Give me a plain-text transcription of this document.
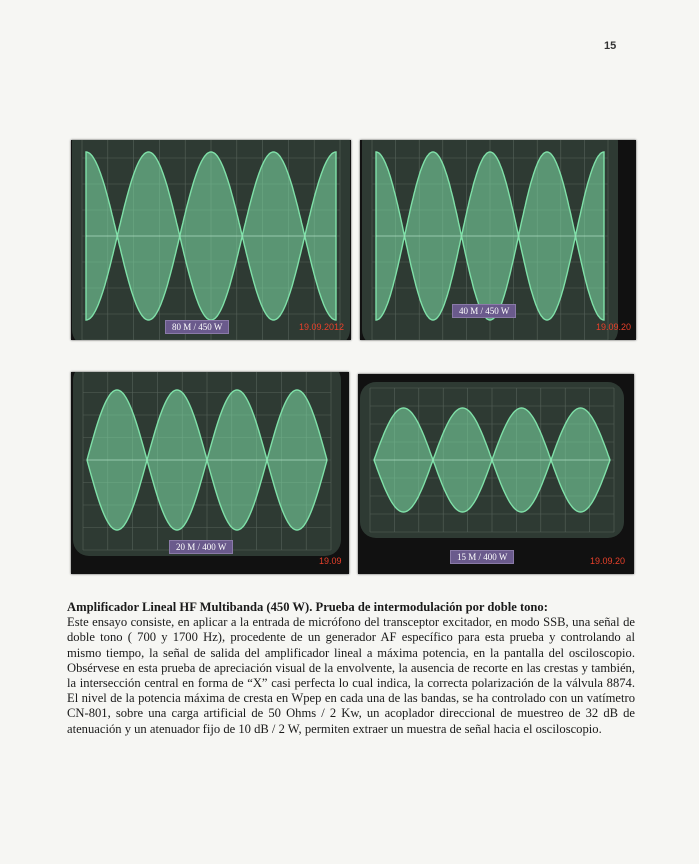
15
80 M / 450 W	19.09.2012
40 M / 450 W
19.09.20
20 M / 400 W
19.09	15 M / 400 W	19.09.20
Amplificador Lineal HF Multibanda (450 W). Prueba de intermodulación por doble tono:
Este ensayo consiste, en aplicar a la entrada de micrófono del transceptor excitador, en modo SSB, una señal de doble tono ( 700 y 1700 Hz), procedente de un generador AF específico para esta prueba y controlando al mismo tiempo, la señal de salida del amplificador lineal a máxima potencia, en la pantalla del osciloscopio. Obsérvese en esta prueba de apreciación visual de la envolvente, la ausencia de recorte en las crestas y también, la intersección central en forma de “X” casi perfecta lo cual indica, la correcta polarización de la válvula 8874. El nivel de la potencia máxima de cresta en Wpep en cada una de las bandas, se ha controlado con un vatímetro CN-801, sobre una carga artificial de 50 Ohms / 2 Kw, un acoplador direccional de muestreo de 32 dB de atenuación y un atenuador fijo de 10 dB / 2 W, permiten extraer un muestra de señal hacia el osciloscopio.
